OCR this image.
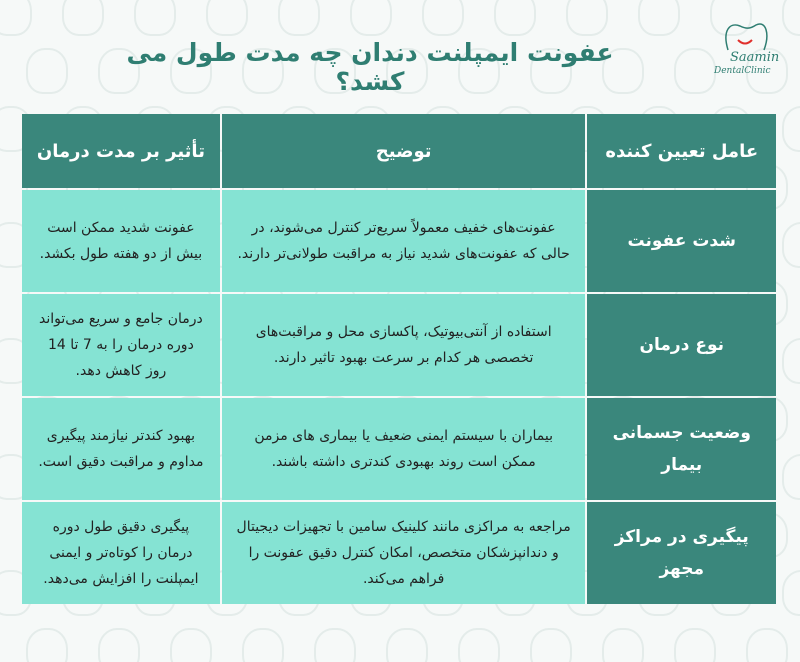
Saamin
DentalClinic
عفونت ایمپلنت دندان چه مدت طول می کشد؟
عامل تعیین کننده	توضیح	تأثیر بر مدت درمان
شدت عفونت	عفونت‌های خفیف معمولاً سریع‌تر کنترل می‌شوند، در حالی که عفونت‌های شدید نیاز به مراقبت طولانی‌تر دارند.	عفونت شدید ممکن است بیش از دو هفته طول بکشد.
نوع درمان	استفاده از آنتی‌بیوتیک، پاکسازی محل و مراقبت‌های تخصصی هر کدام بر سرعت بهبود تاثیر دارند.	درمان جامع و سریع می‌تواند دوره درمان را به 7 تا 14 روز کاهش دهد.
وضعیت جسمانی بیمار	بیماران با سیستم ایمنی ضعیف یا بیماری های مزمن ممکن است روند بهبودی کندتری داشته باشند.	بهبود کندتر نیازمند پیگیری مداوم و مراقبت دقیق است.
پیگیری در مراکز مجهز	مراجعه به مراکزی مانند کلینیک سامین با تجهیزات دیجیتال و دندانپزشکان متخصص، امکان کنترل دقیق عفونت را فراهم می‌کند.	پیگیری دقیق طول دوره درمان را کوتاه‌تر و ایمنی ایمپلنت را افزایش می‌دهد.
